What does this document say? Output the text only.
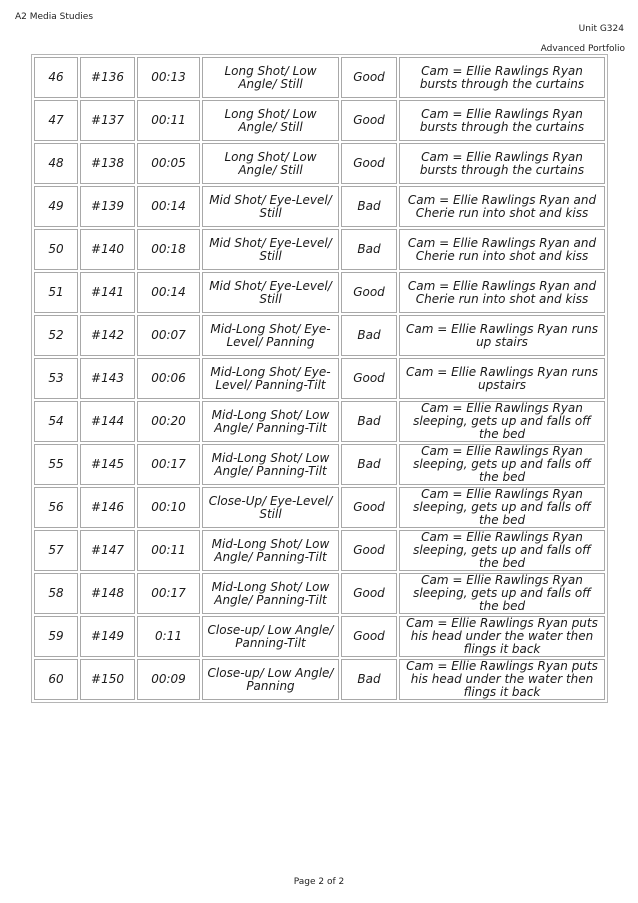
A2 Media Studies
Unit G324
Advanced Portfolio
46	#136	00:13	Long Shot/ Low Angle/ Still	Good	Cam = Ellie Rawlings Ryan bursts through the curtains
47	#137	00:11	Long Shot/ Low Angle/ Still	Good	Cam = Ellie Rawlings Ryan bursts through the curtains
48	#138	00:05	Long Shot/ Low Angle/ Still	Good	Cam = Ellie Rawlings Ryan bursts through the curtains
49	#139	00:14	Mid Shot/ Eye-Level/ Still	Bad	Cam = Ellie Rawlings Ryan and Cherie run into shot and kiss
50	#140	00:18	Mid Shot/ Eye-Level/ Still	Bad	Cam = Ellie Rawlings Ryan and Cherie run into shot and kiss
51	#141	00:14	Mid Shot/ Eye-Level/ Still	Good	Cam = Ellie Rawlings Ryan and Cherie run into shot and kiss
52	#142	00:07	Mid-Long Shot/ Eye-Level/ Panning	Bad	Cam = Ellie Rawlings Ryan runs up stairs
53	#143	00:06	Mid-Long Shot/ Eye-Level/ Panning-Tilt	Good	Cam = Ellie Rawlings Ryan runs upstairs
54	#144	00:20	Mid-Long Shot/ Low Angle/ Panning-Tilt	Bad	Cam = Ellie Rawlings Ryan sleeping, gets up and falls off the bed
55	#145	00:17	Mid-Long Shot/ Low Angle/ Panning-Tilt	Bad	Cam = Ellie Rawlings Ryan sleeping, gets up and falls off the bed
56	#146	00:10	Close-Up/ Eye-Level/ Still	Good	Cam = Ellie Rawlings Ryan sleeping, gets up and falls off the bed
57	#147	00:11	Mid-Long Shot/ Low Angle/ Panning-Tilt	Good	Cam = Ellie Rawlings Ryan sleeping, gets up and falls off the bed
58	#148	00:17	Mid-Long Shot/ Low Angle/ Panning-Tilt	Good	Cam = Ellie Rawlings Ryan sleeping, gets up and falls off the bed
59	#149	0:11	Close-up/ Low Angle/ Panning-Tilt	Good	Cam = Ellie Rawlings Ryan puts his head under the water then flings it back
60	#150	00:09	Close-up/ Low Angle/ Panning	Bad	Cam = Ellie Rawlings Ryan puts his head under the water then flings it back
Page 2 of 2
